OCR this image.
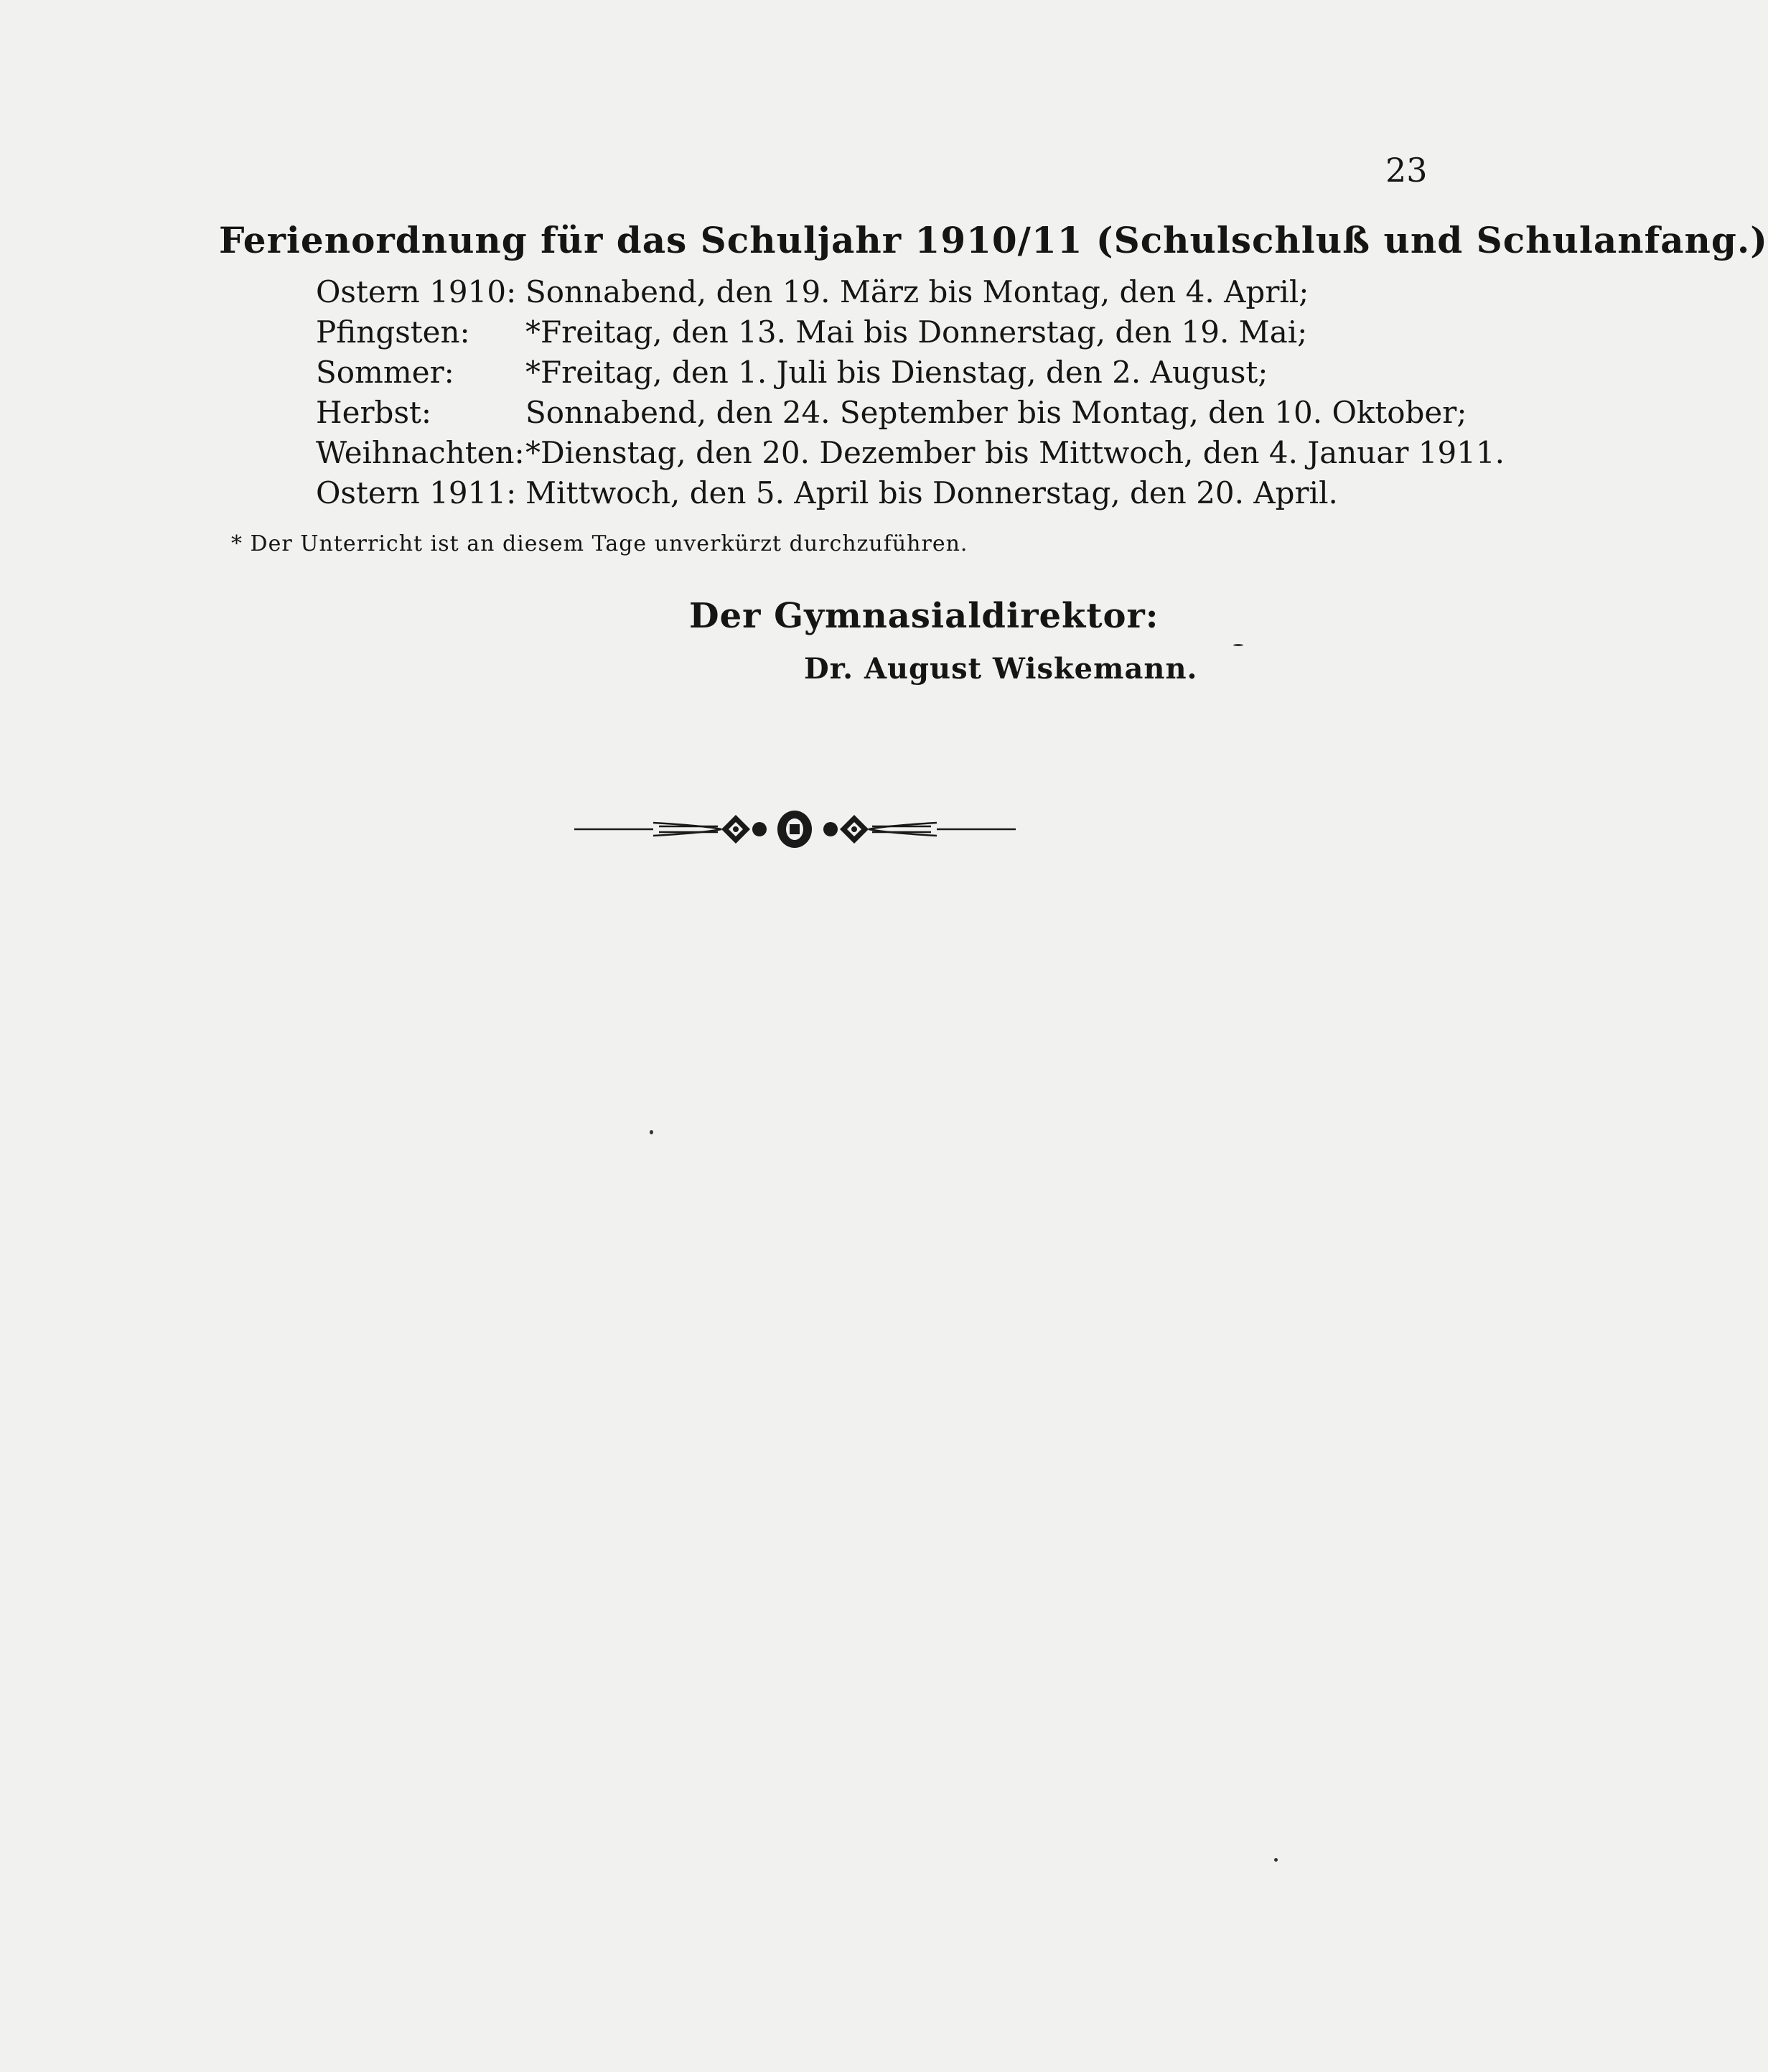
23
Ferienordnung für das Schuljahr 1910/11 (Schulschluß und Schulanfang.)
Ostern 1910: Sonnabend, den 19. März bis Montag, den 4. April;
Pfingsten: *Freitag, den 13. Mai bis Donnerstag, den 19. Mai;
Sommer: *Freitag, den 1. Juli bis Dienstag, den 2. August;
Herbst:	Sonnabend, den 24. September bis Montag, den 10. Oktober;
Weihnachten: *Dienstag, den 20. Dezember bis Mittwoch, den 4. Januar 1911.
Ostern 1911: Mittwoch, den 5. April bis Donnerstag, den 20. April.
* Der Unterricht ist an diesem Tage unverkürzt durchzuführen.
Der Gymnasialdirektor:
Dr. August Wiskemann.
